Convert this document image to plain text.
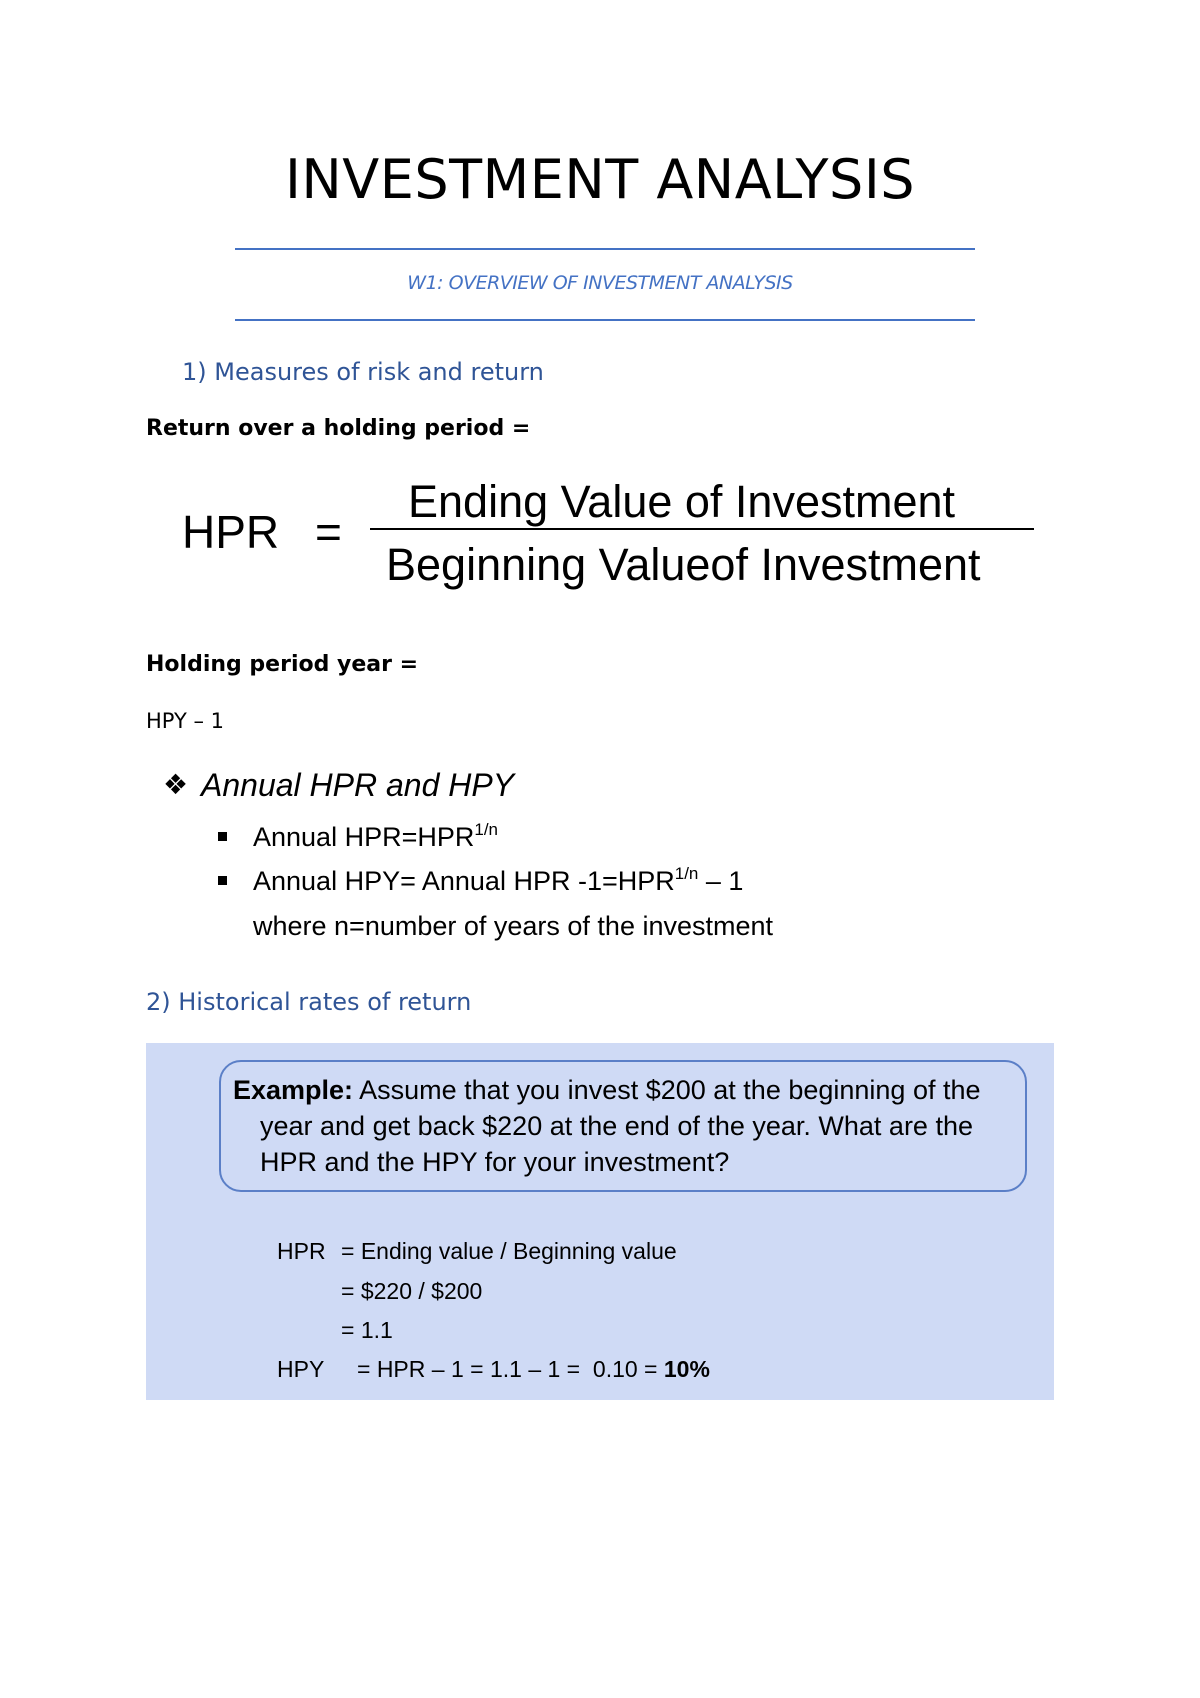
INVESTMENT ANALYSIS
W1: OVERVIEW OF INVESTMENT ANALYSIS
1) Measures of risk and return
Return over a holding period =
HPR =
Ending Value of Investment
Beginning Valueof Investment
Holding period year =
HPY – 1
❖ Annual HPR and HPY
Annual $HPR=HPR^{1/n}$
Annual HPY= Annual HPR $-1=HPR^{1/n} - 1$
where n=number of years of the investment
2) Historical rates of return
Example: Assume that you invest $200 at the beginning of the
year and get back $220 at the end of the year. What are the
HPR and the HPY for your investment?
HPR = Ending value / Beginning value
= $220 / $200
= 1.1
HPY = HPR – 1 = 1.1 – 1 =  0.10 = 10%
